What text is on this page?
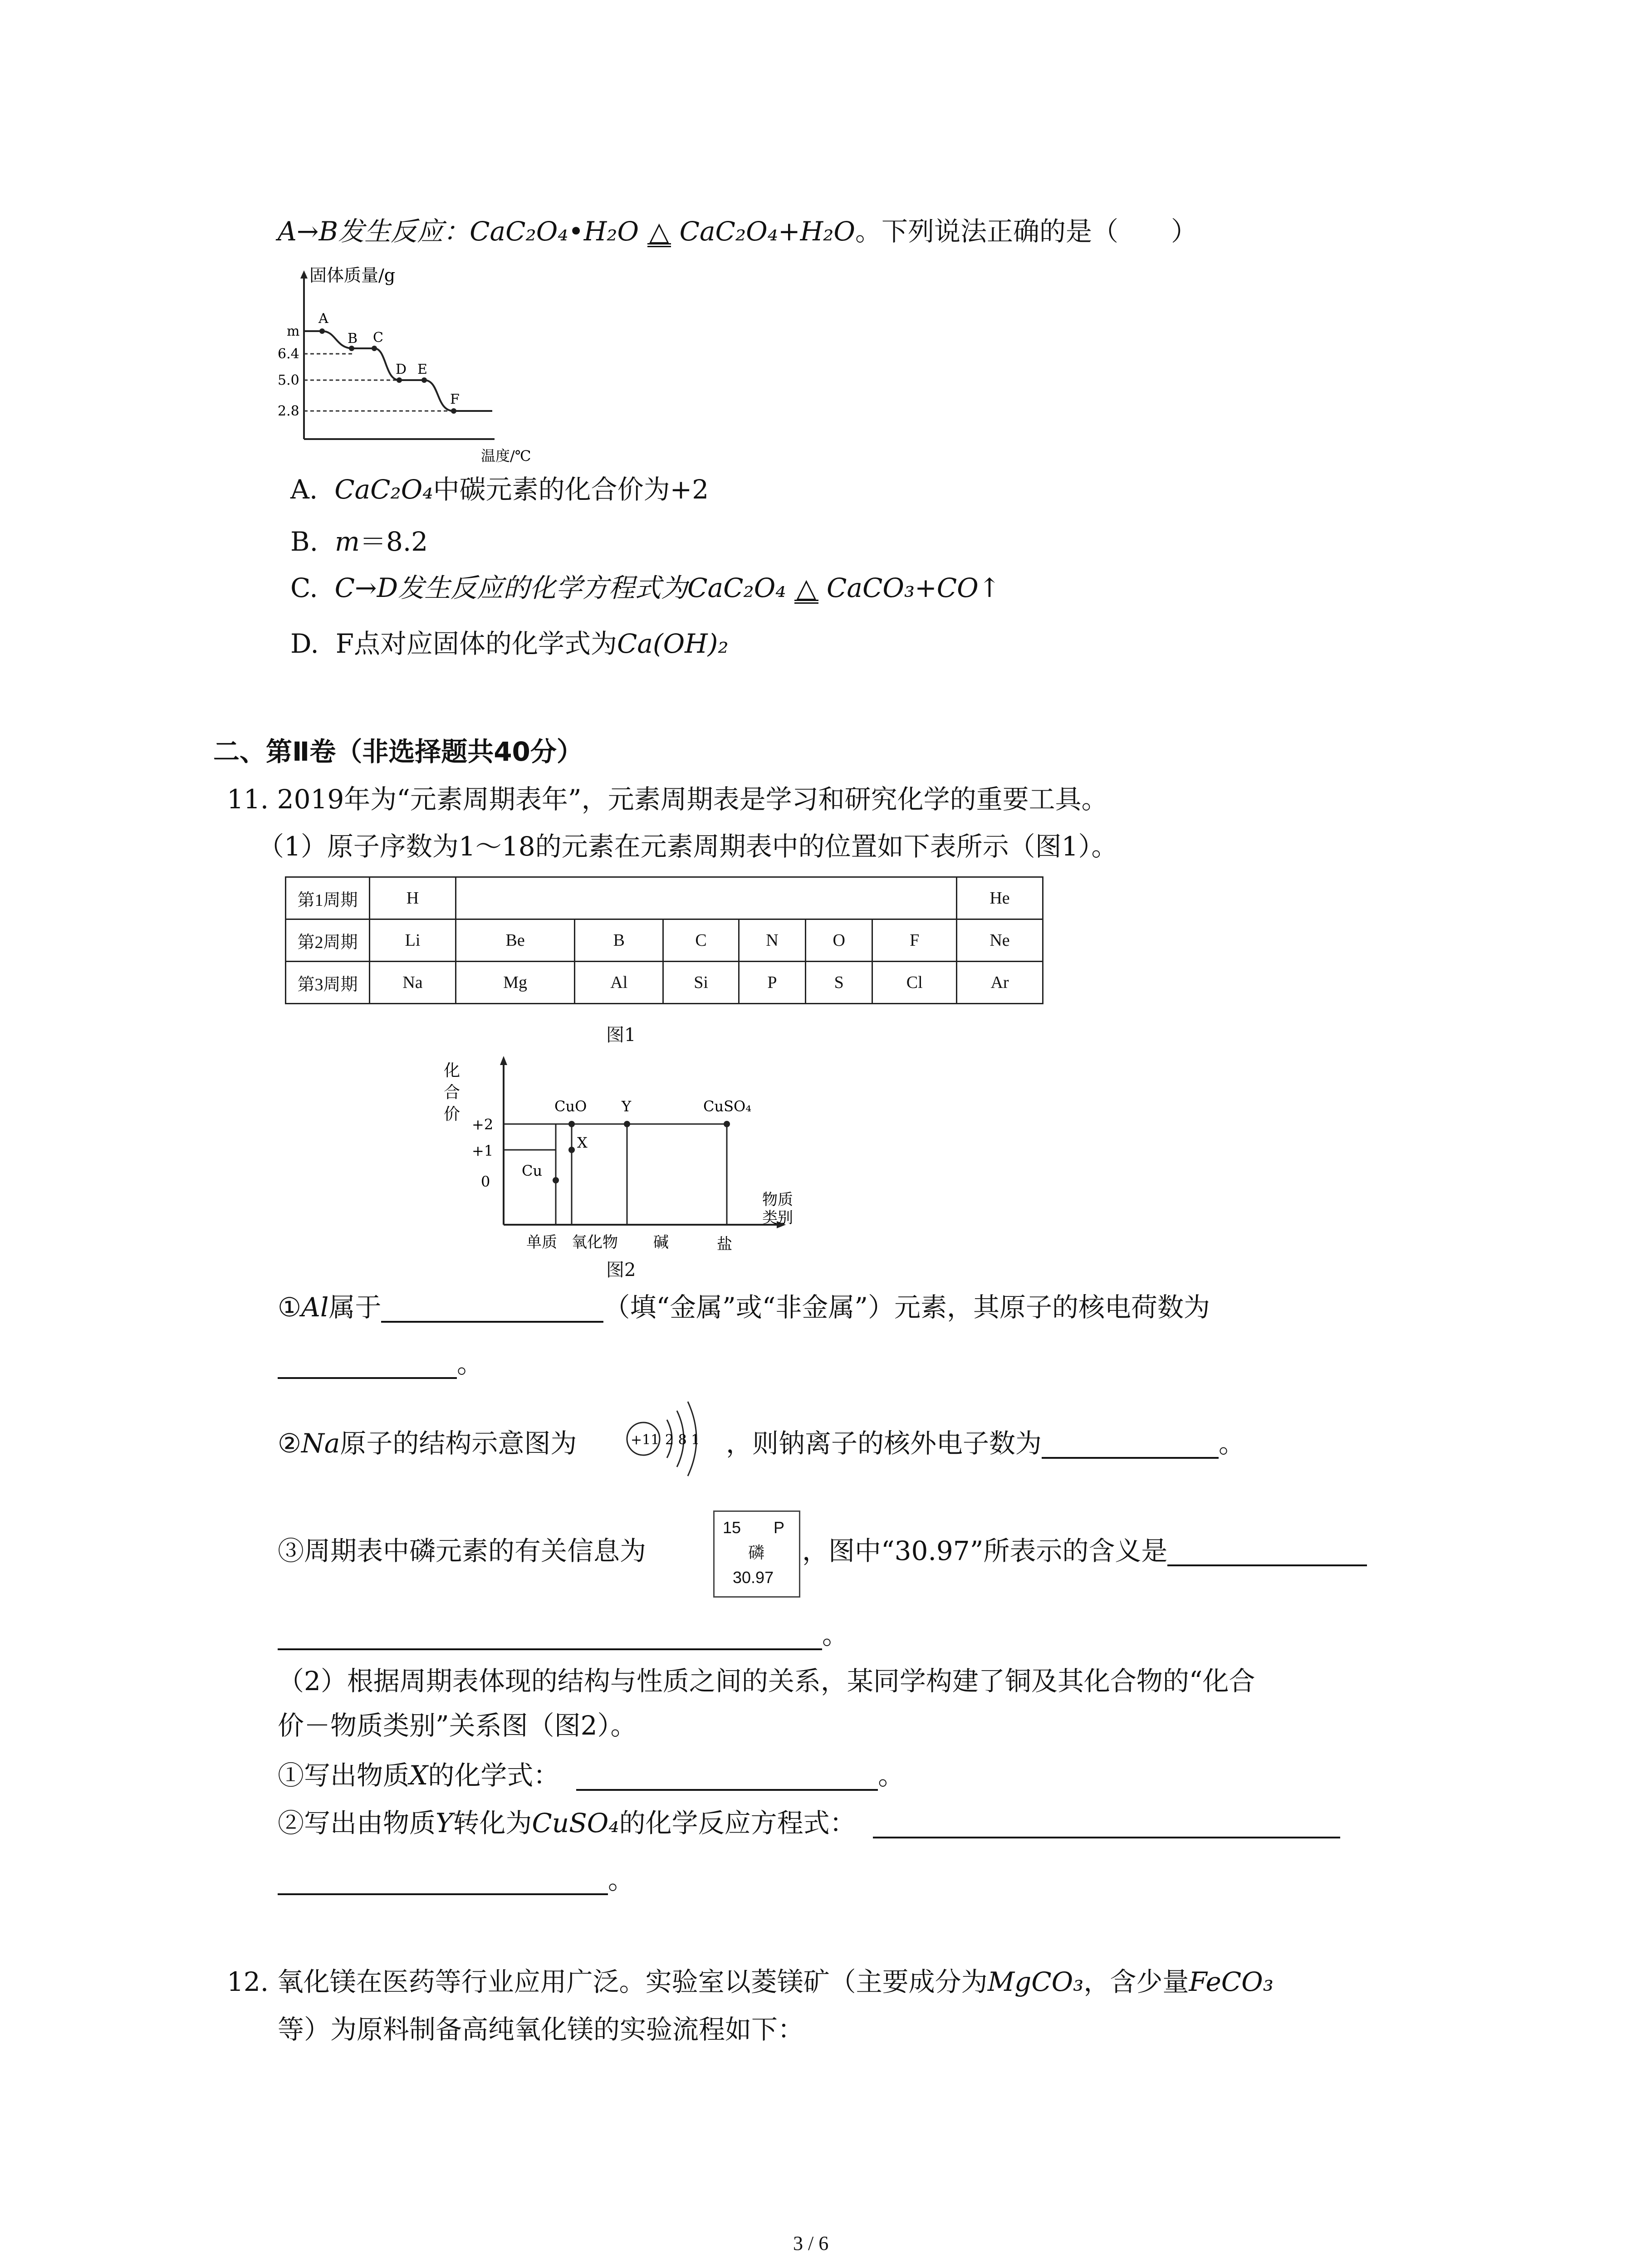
A→B发生反应：CaC₂O₄•H₂O △ CaC₂O₄+H₂O。下列说法正确的是（　　）
固体质量/g
温度/℃
m
6.4
5.0
2.8
A
B C
D E
F
A. CaC₂O₄中碳元素的化合价为+2
B. m＝8.2
C. C→D发生反应的化学方程式为CaC₂O₄ △ CaCO₃+CO↑
D. F点对应固体的化学式为Ca(OH)₂
二、第Ⅱ卷（非选择题共40分）
11. 2019年为“元素周期表年”，元素周期表是学习和研究化学的重要工具。
（1）原子序数为1～18的元素在元素周期表中的位置如下表所示（图1）。
第1周期	H							He
第2周期	Li	Be	B	C	N	O	F	Ne
第3周期	Na	Mg	Al	Si	P	S	Cl	Ar
图1
化
合
价
+2
+1
0
单质 氧化物 碱	盐
物质
类别
Cu
X
CuO Y	CuSO₄
图2
①Al属于	（填“金属”或“非金属”）元素，其原子的核电荷数为
。
②Na原子的结构示意图为	+11 2 8 1 ，则钠离子的核外电子数为	。
③周期表中磷元素的有关信息为
15 P
磷
30.97
，图中“30.97”所表示的含义是
。
（2）根据周期表体现的结构与性质之间的关系，某同学构建了铜及其化合物的“化合
价－物质类别”关系图（图2）。
①写出物质X的化学式：	。
②写出由物质Y转化为CuSO₄的化学反应方程式：
。
12. 氧化镁在医药等行业应用广泛。实验室以菱镁矿（主要成分为MgCO₃，含少量FeCO₃
等）为原料制备高纯氧化镁的实验流程如下：
3 / 6
